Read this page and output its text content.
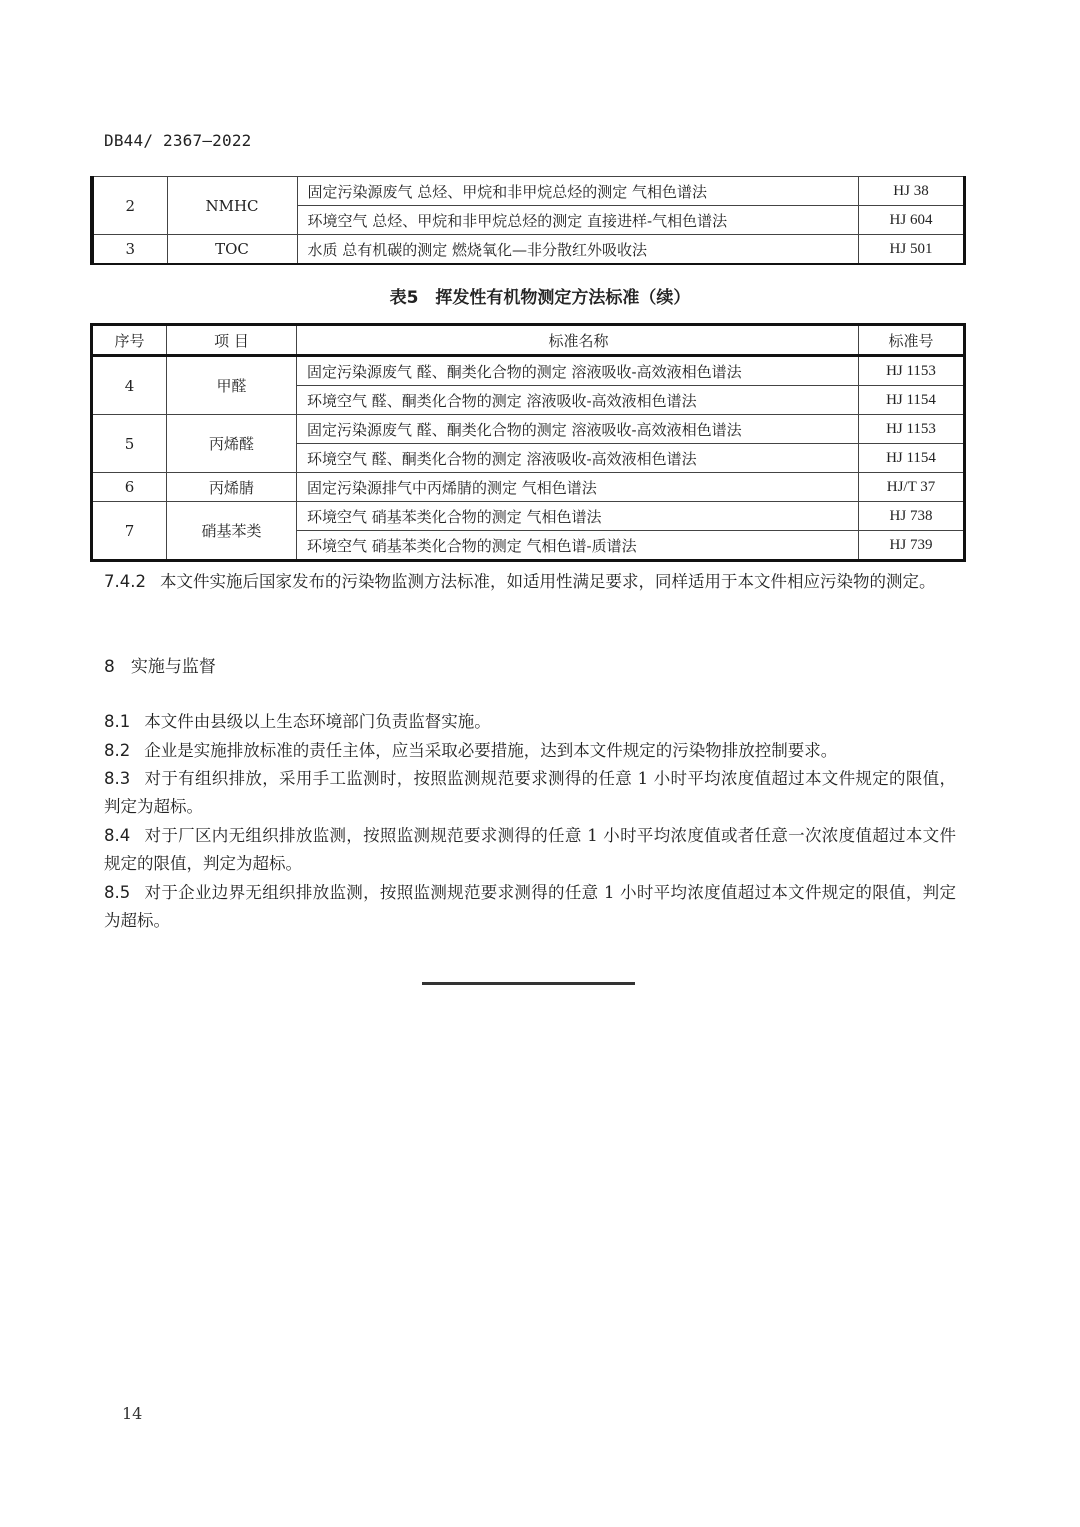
DB44/ 2367—2022
2	NMHC	固定污染源废气 总烃、甲烷和非甲烷总烃的测定 气相色谱法	HJ 38
		环境空气 总烃、甲烷和非甲烷总烃的测定 直接进样-气相色谱法	HJ 604
3	TOC	水质 总有机碳的测定 燃烧氧化—非分散红外吸收法	HJ 501
表5　挥发性有机物测定方法标准（续）
序号	项 目	标准名称	标准号
4	甲醛	固定污染源废气 醛、酮类化合物的测定 溶液吸收-高效液相色谱法	HJ 1153
		环境空气 醛、酮类化合物的测定 溶液吸收-高效液相色谱法	HJ 1154
5	丙烯醛	固定污染源废气 醛、酮类化合物的测定 溶液吸收-高效液相色谱法	HJ 1153
		环境空气 醛、酮类化合物的测定 溶液吸收-高效液相色谱法	HJ 1154
6	丙烯腈	固定污染源排气中丙烯腈的测定 气相色谱法	HJ/T 37
7	硝基苯类	环境空气 硝基苯类化合物的测定 气相色谱法	HJ 738
		环境空气 硝基苯类化合物的测定 气相色谱-质谱法	HJ 739
7.4.2 本文件实施后国家发布的污染物监测方法标准，如适用性满足要求，同样适用于本文件相应污染物的测定。
8 实施与监督
8.1 本文件由县级以上生态环境部门负责监督实施。
8.2 企业是实施排放标准的责任主体，应当采取必要措施，达到本文件规定的污染物排放控制要求。
8.3 对于有组织排放，采用手工监测时，按照监测规范要求测得的任意 1 小时平均浓度值超过本文件规定的限值，判定为超标。
8.4 对于厂区内无组织排放监测，按照监测规范要求测得的任意 1 小时平均浓度值或者任意一次浓度值超过本文件规定的限值，判定为超标。
8.5 对于企业边界无组织排放监测，按照监测规范要求测得的任意 1 小时平均浓度值超过本文件规定的限值，判定为超标。
14
